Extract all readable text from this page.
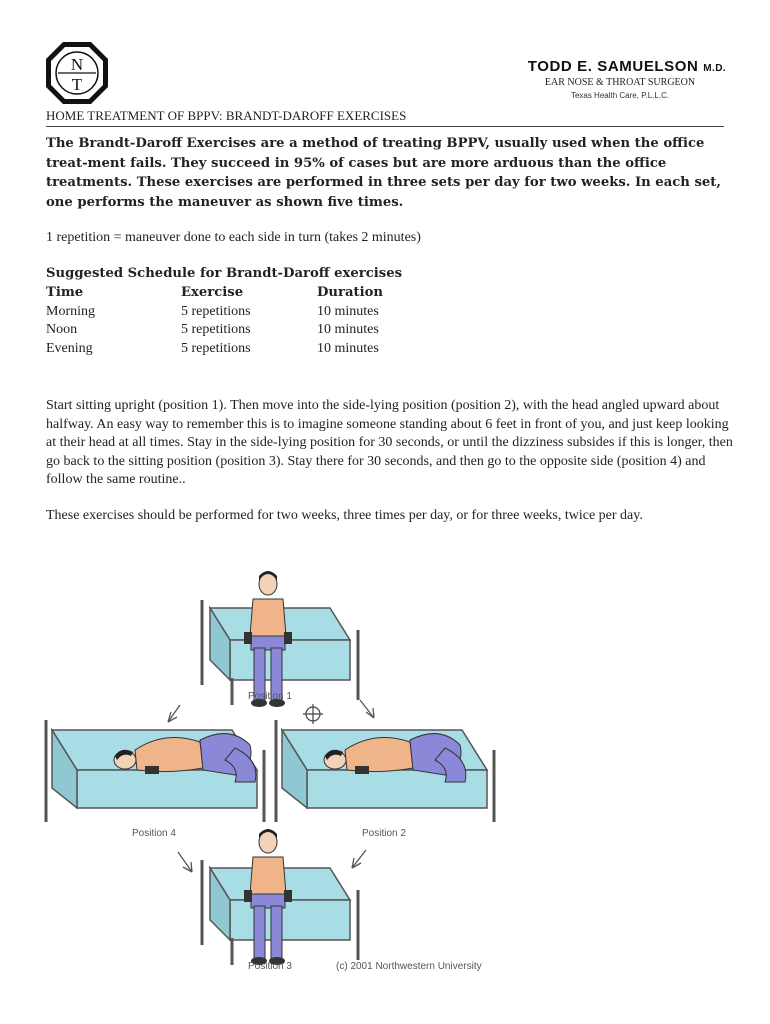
N
T
TODD E. SAMUELSON M.D.
EAR NOSE & THROAT SURGEON
Texas Health Care, P.L.L.C.
HOME TREATMENT OF BPPV: BRANDT-DAROFF EXERCISES
The Brandt-Daroff Exercises are a method of treating BPPV, usually used when the office treat-ment fails. They succeed in 95% of cases but are more arduous than the office treatments. These exercises are performed in three sets per day for two weeks. In each set, one performs the maneuver as shown five times.
1 repetition = maneuver done to each side in turn (takes 2 minutes)
Suggested Schedule for Brandt-Daroff exercises
Time	Exercise	Duration
Morning	5 repetitions	10 minutes
Noon	5 repetitions	10 minutes
Evening	5 repetitions	10 minutes
Start sitting upright (position 1). Then move into the side-lying position (position 2), with the head angled upward about halfway. An easy way to remember this is to imagine someone standing about 6 feet in front of you, and just keep looking at their head at all times. Stay in the side-lying position for 30 seconds, or until the dizziness subsides if this is longer, then go back to the sitting position (position 3). Stay there for 30 seconds, and then go to the opposite side (position 4) and follow the same routine..
These exercises should be performed for two weeks, three times per day, or for three weeks, twice per day.
Position 1
Position 4	Position 2
Position 3	(c) 2001 Northwestern University
